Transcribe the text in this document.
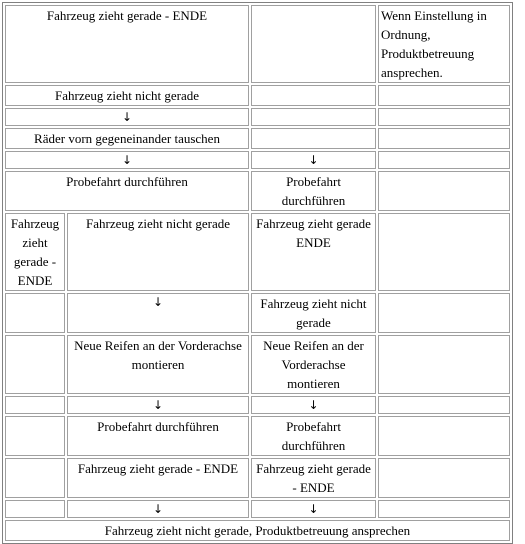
Fahrzeug zieht gerade - ENDE			Wenn Einstellung in Ordnung, Produktbetreuung ansprechen.
Fahrzeug zieht nicht gerade			
↓			
Räder vorn gegeneinander tauschen			
↓		↓	
Probefahrt durchführen		Probefahrt durchführen	
Fahrzeug zieht gerade - ENDE	Fahrzeug zieht nicht gerade	Fahrzeug zieht gerade ENDE	
	↓	Fahrzeug zieht nicht gerade	
	Neue Reifen an der Vorderachse montieren	Neue Reifen an der Vorderachse montieren	
	↓	↓	
	Probefahrt durchführen	Probefahrt durchführen	
	Fahrzeug zieht gerade - ENDE	Fahrzeug zieht gerade - ENDE	
	↓	↓	
Fahrzeug zieht nicht gerade, Produktbetreuung ansprechen			
